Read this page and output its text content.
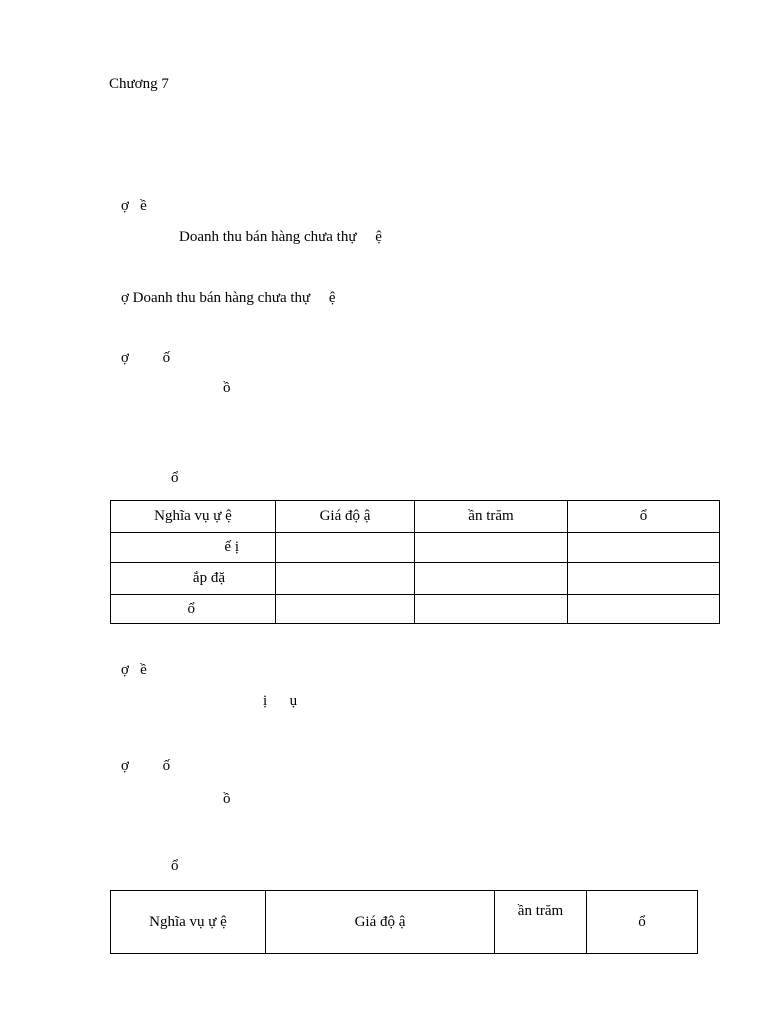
Chương 7
ợ   ề
Doanh thu bán hàng chưa thự     ệ
ợ Doanh thu bán hàng chưa thự     ệ
ợ         ố
ồ
ổ
Nghĩa vụ ự ệ	Giá độ ậ	ần trăm	ổ
ế ị			
ắp đặ			
ổ			
ợ   ề
ị      ụ
ợ         ố
ồ
ổ
Nghĩa vụ ự ệ	Giá độ ậ	ần trăm	ổ
